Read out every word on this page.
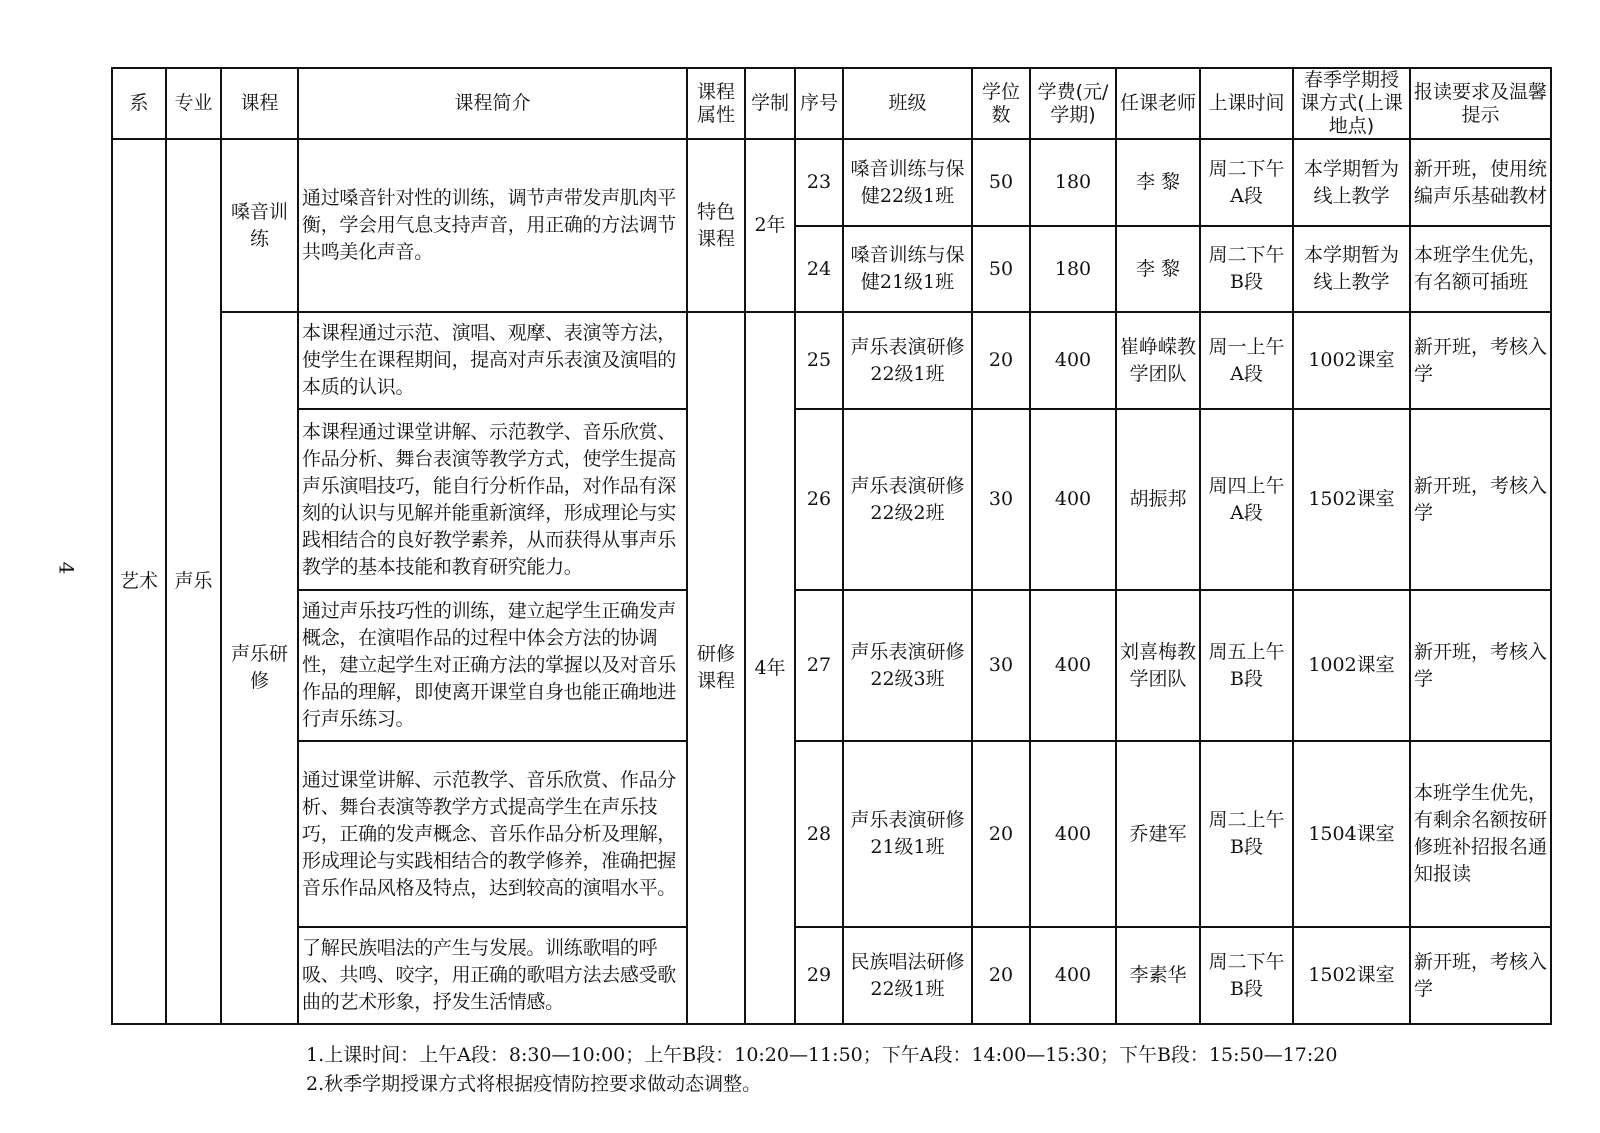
4
系	专业	课程	课程简介	课程属性	学制	序号	班级	学位数	学费(元/学期)	任课老师	上课时间	春季学期授课方式(上课地点)	报读要求及温馨提示
艺术	声乐	嗓音训练	通过嗓音针对性的训练，调节声带发声肌肉平衡，学会用气息支持声音，用正确的方法调节共鸣美化声音。	特色课程	2年	23	嗓音训练与保健22级1班	50	180	李 黎	周二下午A段	本学期暂为线上教学	新开班，使用统编声乐基础教材
						24	嗓音训练与保健21级1班	50	180	李 黎	周二下午B段	本学期暂为线上教学	本班学生优先，有名额可插班
		声乐研修	本课程通过示范、演唱、观摩、表演等方法，使学生在课程期间，提高对声乐表演及演唱的本质的认识。	研修课程	4年	25	声乐表演研修22级1班	20	400	崔峥嵘教学团队	周一上午A段	1002课室	新开班，考核入学
			本课程通过课堂讲解、示范教学、音乐欣赏、作品分析、舞台表演等教学方式，使学生提高声乐演唱技巧，能自行分析作品，对作品有深刻的认识与见解并能重新演绎，形成理论与实践相结合的良好教学素养，从而获得从事声乐教学的基本技能和教育研究能力。			26	声乐表演研修22级2班	30	400	胡振邦	周四上午A段	1502课室	新开班，考核入学
			通过声乐技巧性的训练，建立起学生正确发声概念，在演唱作品的过程中体会方法的协调性，建立起学生对正确方法的掌握以及对音乐作品的理解，即使离开课堂自身也能正确地进行声乐练习。			27	声乐表演研修22级3班	30	400	刘喜梅教学团队	周五上午B段	1002课室	新开班，考核入学
			通过课堂讲解、示范教学、音乐欣赏、作品分析、舞台表演等教学方式提高学生在声乐技巧，正确的发声概念、音乐作品分析及理解，形成理论与实践相结合的教学修养，准确把握音乐作品风格及特点，达到较高的演唱水平。			28	声乐表演研修21级1班	20	400	乔建军	周二上午B段	1504课室	本班学生优先，有剩余名额按研修班补招报名通知报读
			了解民族唱法的产生与发展。训练歌唱的呼吸、共鸣、咬字，用正确的歌唱方法去感受歌曲的艺术形象，抒发生活情感。			29	民族唱法研修22级1班	20	400	李素华	周二下午B段	1502课室	新开班，考核入学
1.上课时间：上午A段：8:30—10:00；上午B段：10:20—11:50；下午A段：14:00—15:30；下午B段：15:50—17:20
2.秋季学期授课方式将根据疫情防控要求做动态调整。
